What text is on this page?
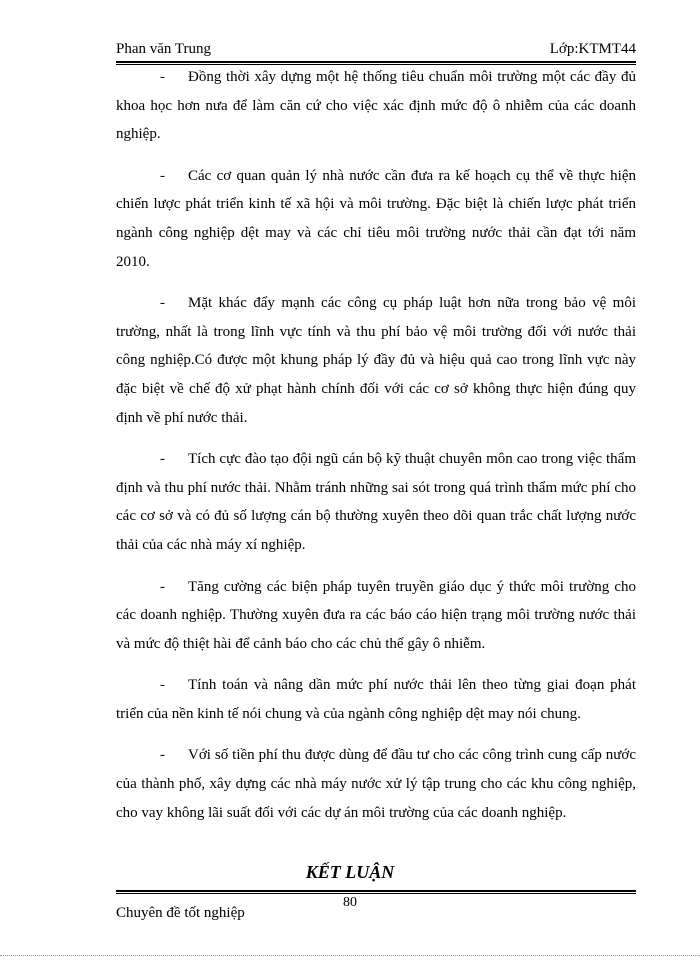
Phan văn Trung	Lớp:KTMT44

- Đồng thời xây dựng một hệ thống tiêu chuẩn môi trường một các đầy đủ khoa học hơn nưa để làm căn cứ cho việc xác định mức độ ô nhiễm của các doanh nghiệp.

- Các cơ quan quản lý nhà nước cần đưa ra kế hoạch cụ thể về thực hiện chiến lược phát triển kinh tế xã hội và môi trường. Đặc biệt là chiến lược phát triển ngành công nghiệp dệt may và các chỉ tiêu môi trường nước thải cần đạt tới năm 2010.

- Mặt khác đẩy mạnh các công cụ pháp luật hơn nữa trong bảo vệ môi trường, nhất là trong lĩnh vực tính và thu phí bảo vệ môi trường đối với nước thải công nghiệp.Có được một khung pháp lý đầy đủ và hiệu quả cao trong lĩnh vực này đặc biệt về chế độ xử phạt hành chính đối với các cơ sở không thực hiện đúng quy định về phí nước thải.

- Tích cực đào tạo đội ngũ cán bộ kỹ thuật chuyên môn cao trong việc thẩm định và thu phí nước thải. Nhằm tránh những sai sót trong quá trình thẩm mức phí cho các cơ sở và có đủ số lượng cán bộ thường xuyên theo dõi quan trắc chất lượng nước thải của các nhà máy xí nghiệp.

- Tăng cường các biện pháp tuyên truyền giáo dục ý thức môi trường cho các doanh nghiệp. Thường xuyên đưa ra các báo cáo hiện trạng môi trường nước thải và mức độ thiệt hài để cảnh báo cho các chủ thể gây ô nhiễm.

- Tính toán và nâng dần mức phí nước thải lên theo từng giai đoạn phát triển của nền kinh tế nói chung và của ngành công nghiệp dệt may nói chung.

- Với số tiền phí thu được dùng để đầu tư cho các công trình cung cấp nước của thành phố, xây dựng các nhà máy nước xử lý tập trung cho các khu công nghiệp, cho vay không lãi suất đối với các dự án môi trường của các doanh nghiệp.

KẾT LUẬN
80
Chuyên đề tốt nghiệp
